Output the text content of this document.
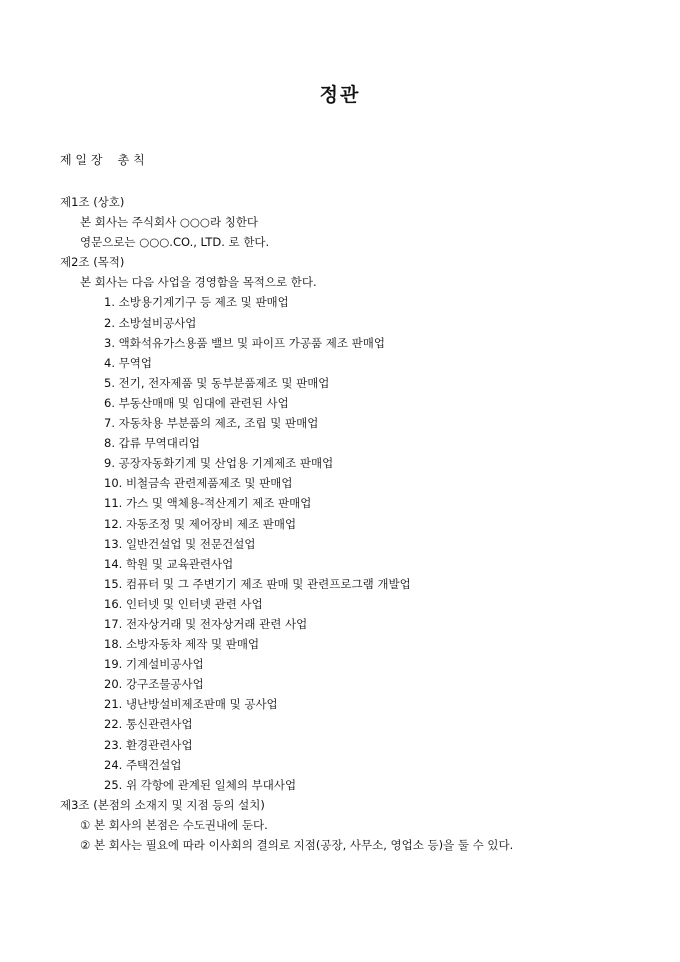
정관
제 일 장    총 칙
제1조 (상호)
본 회사는 주식회사 ○○○라 칭한다
영문으로는 ○○○.CO., LTD. 로 한다.
제2조 (목적)
본 회사는 다음 사업을 경영함을 목적으로 한다.
1. 소방용기계기구 등 제조 및 판매업
2. 소방설비공사업
3. 액화석유가스용품 밸브 및 파이프 가공품 제조 판매업
4. 무역업
5. 전기, 전자제품 및 동부분품제조 및 판매업
6. 부동산매매 및 임대에 관련된 사업
7. 자동차용 부분품의 제조, 조립 및 판매업
8. 갑류 무역대리업
9. 공장자동화기계 및 산업용 기계제조 판매업
10. 비철금속 관련제품제조 및 판매업
11. 가스 및 액체용-적산계기 제조 판매업
12. 자동조정 및 제어장비 제조 판매업
13. 일반건설업 및 전문건설업
14. 학원 및 교육관련사업
15. 컴퓨터 및 그 주변기기 제조 판매 및 관련프로그램 개발업
16. 인터넷 및 인터넷 관련 사업
17. 전자상거래 및 전자상거래 관련 사업
18. 소방자동차 제작 및 판매업
19. 기계설비공사업
20. 강구조물공사업
21. 냉난방설비제조판매 및 공사업
22. 통신관련사업
23. 환경관련사업
24. 주택건설업
25. 위 각항에 관계된 일체의 부대사업
제3조 (본점의 소재지 및 지점 등의 설치)
① 본 회사의 본점은 수도권내에 둔다.
② 본 회사는 필요에 따라 이사회의 결의로 지점(공장, 사무소, 영업소 등)을 둘 수 있다.
